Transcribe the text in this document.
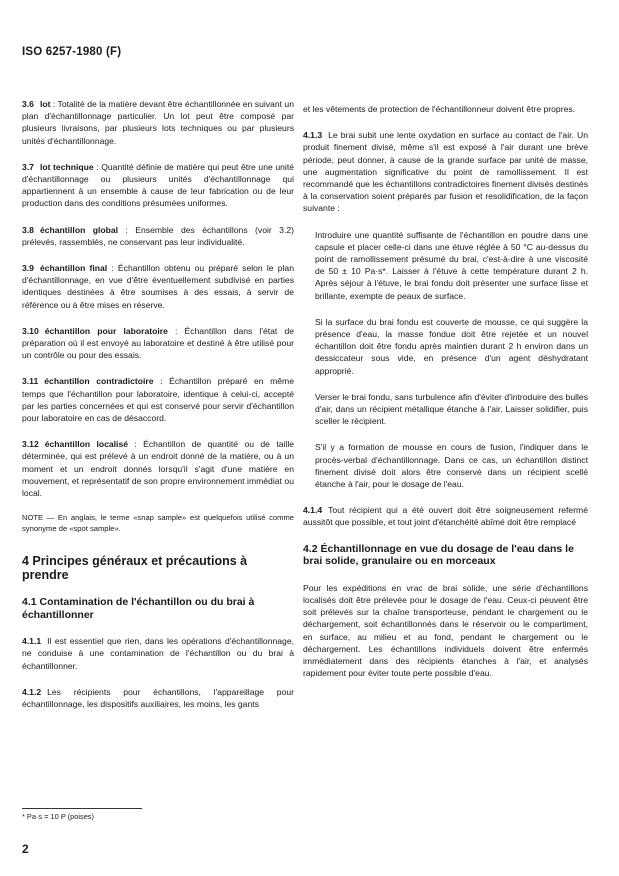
ISO 6257-1980 (F)

3.6 lot : Totalité de la matière devant être échantillonnée en suivant un plan d'échantillonnage particulier. Un lot peut être composé par plusieurs livraisons, par plusieurs lots techniques ou par plusieurs unités d'échantillonnage.

3.7 lot technique : Quantité définie de matière qui peut être une unité d'échantillonnage ou plusieurs unités d'échantillonnage qui appartiennent à un ensemble à cause de leur fabrication ou de leur production dans des conditions présumées uniformes.

3.8 échantillon global : Ensemble des échantillons (voir 3.2) prélevés, rassemblés, ne conservant pas leur individualité.

3.9 échantillon final : Échantillon obtenu ou préparé selon le plan d'échantillonnage, en vue d'être éventuellement subdivisé en parties identiques destinées à être soumises à des essais, à servir de référence ou à être mises en réserve.

3.10 échantillon pour laboratoire : Échantillon dans l'état de préparation où il est envoyé au laboratoire et destiné à être utilisé pour un contrôle ou pour des essais.

3.11 échantillon contradictoire : Échantillon préparé en même temps que l'échantillon pour laboratoire, identique à celui-ci, accepté par les parties concernées et qui est conservé pour servir d'échantillon pour laboratoire en cas de désaccord.

3.12 échantillon localisé : Échantillon de quantité ou de taille déterminée, qui est prélevé à un endroit donné de la matière, ou à un moment et un endroit donnés lorsqu'il s'agit d'une matière en mouvement, et représentatif de son propre environnement immédiat ou local.

NOTE — En anglais, le terme «snap sample» est quelquefois utilisé comme synonyme de «spot sample».

4 Principes généraux et précautions à prendre
4.1 Contamination de l'échantillon ou du brai à échantillonner

4.1.1 Il est essentiel que rien, dans les opérations d'échantillonnage, ne conduise à une contamination de l'échantillon ou du brai à échantillonner.

4.1.2 Les récipients pour échantillons, l'appareillage pour échantillonnage, les dispositifs auxiliaires, les moins, les gants

et les vêtements de protection de l'échantillonneur doivent être propres.

4.1.3 Le brai subit une lente oxydation en surface au contact de l'air. Un produit finement divisé, même s'il est exposé à l'air durant une brève période, peut donner, à cause de la grande surface par unité de masse, une augmentation significative du point de ramollissement. Il est recommandé que les échantillons contradictoires finement divisés destinés à la conservation soient préparés par fusion et resolidification, de la façon suivante :

Introduire une quantité suffisante de l'échantillon en poudre dans une capsule et placer celle-ci dans une étuve réglée à 50 °C au-dessus du point de ramollissement présumé du brai, c'est-à-dire à une viscosité de 50 ± 10 Pa·s*. Laisser à l'étuve à cette température durant 2 h. Après séjour à l'étuve, le brai fondu doit présenter une surface lisse et brillante, exempte de peaux de surface.

Si la surface du brai fondu est couverte de mousse, ce qui suggère la présence d'eau, la masse fondue doit être rejetée et un nouvel échantillon doit être fondu après maintien durant 2 h environ dans un dessiccateur sous vide, en présence d'un agent déshydratant approprié.

Verser le brai fondu, sans turbulence afin d'éviter d'introduire des bulles d'air, dans un récipient métallique étanche à l'air. Laisser solidifier, puis sceller le récipient.

S'il y a formation de mousse en cours de fusion, l'indiquer dans le procès-verbal d'échantillonnage. Dans ce cas, un échantillon distinct finement divisé doit alors être conservé dans un récipient scellé étanche à l'air, pour le dosage de l'eau.

4.1.4 Tout récipient qui a été ouvert doit être soigneusement refermé aussitôt que possible, et tout joint d'étanchéité abîmé doit être remplacé

4.2 Échantillonnage en vue du dosage de l'eau dans le brai solide, granulaire ou en morceaux

Pour les expéditions en vrac de brai solide, une série d'échantillons localisés doit être prélevée pour le dosage de l'eau. Ceux-ci peuvent être soit prélevés sur la chaîne transporteuse, pendant le chargement ou le déchargement, soit échantillonnés dans le réservoir ou le compartiment, en surface, au milieu et au fond, pendant le chargement ou le déchargement. Les échantillons individuels doivent être enfermés immédiatement dans des récipients étanches à l'air, et analysés rapidement pour éviter toute perte possible d'eau.

* Pa·s = 10 P (poises)
2
